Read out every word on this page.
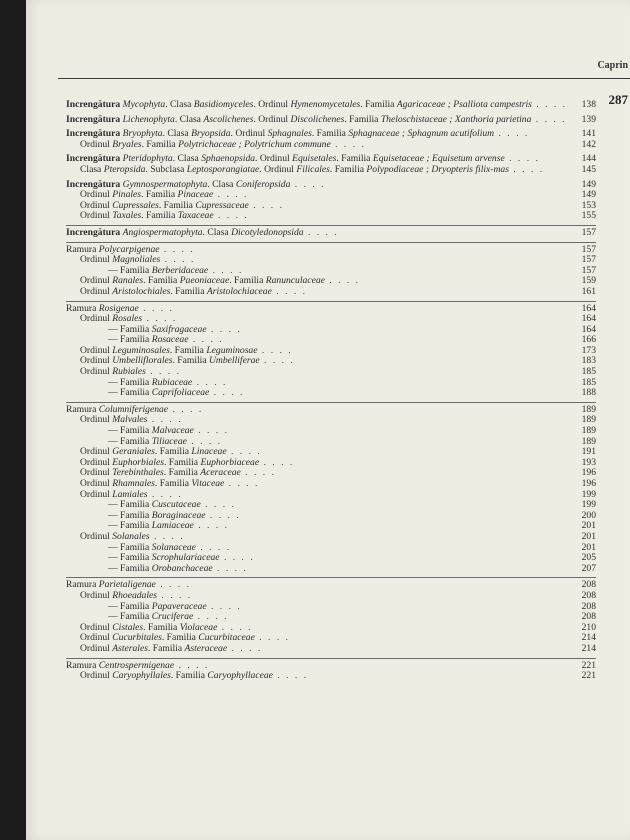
Caprin
287
Increngătura Mycophyta. Clasa Basidiomyceles. Ordinul Hymenomycetales. Familia Agaricaceae ; Psalliota campestris . . . .	138
Increngătura Lichenophyta. Clasa Ascolichenes. Ordinul Discolichenes. Familia Theloschistaceae ; Xanthoria parietina . . . .	139
Increngătura Bryophyta. Clasa Bryopsida. Ordinul Sphagnales. Familia Sphagnaceae ; Sphagnum acutifolium . . . .	141
Ordinul Bryales. Familia Polytrichaceae ; Polytrichum commune . . . .	142
Increngătura Pteridophyta. Clasa Sphaenopsida. Ordinul Equisetales. Familia Equisetaceae ; Equisetum arvense . . . .	144
Clasa Pteropsida. Subclasa Leptosporangiatae. Ordinul Filicales. Familia Polypodiaceae ; Dryopteris filix-mas . . . .	145
Increngătura Gymnospermatophyta. Clasa Coniferopsida . . . .	149
Ordinul Pinales. Familia Pinaceae . . . .	149
Ordinul Cupressales. Familia Cupressaceae . . . .	153
Ordinul Taxales. Familia Taxaceae . . . .	155
Increngătura Angiospermatophyta. Clasa Dicotyledonopsida . . . .	157
Ramura Polycarpigenae . . . .	157
Ordinul Magnoliales . . . .	157
— Familia Berberidaceae . . . .	157
Ordinul Ranales. Familia Paeoniaceae. Familia Ranunculaceae . . . .	159
Ordinul Aristolochiales. Familia Aristolochiaceae . . . .	161
Ramura Rosigenae . . . .	164
Ordinul Rosales . . . .	164
— Familia Saxifragaceae . . . .	164
— Familia Rosaceae . . . .	166
Ordinul Leguminosales. Familia Leguminosae . . . .	173
Ordinul Umbelliflorales. Familia Umbelliferae . . . .	183
Ordinul Rubiales . . . .	185
— Familia Rubiaceae . . . .	185
— Familia Caprifoliaceae . . . .	188
Ramura Columniferigenae . . . .	189
Ordinul Malvales . . . .	189
— Familia Malvaceae . . . .	189
— Familia Tiliaceae . . . .	189
Ordinul Geraniales. Familia Linaceae . . . .	191
Ordinul Euphorbiales. Familia Euphorbiaceae . . . .	193
Ordinul Terebinthales. Familia Aceraceae . . . .	196
Ordinul Rhamnales. Familia Vitaceae . . . .	196
Ordinul Lamiales . . . .	199
— Familia Cuscutaceae . . . .	199
— Familia Boraginaceae . . . .	200
— Familia Lamiaceae . . . .	201
Ordinul Solanales . . . .	201
— Familia Solanaceae . . . .	201
— Familia Scrophulariaceae . . . .	205
— Familia Orobanchaceae . . . .	207
Ramura Parietaligenae . . . .	208
Ordinul Rhoeadales . . . .	208
— Familia Papaveraceae . . . .	208
— Familia Cruciferae . . . .	208
Ordinul Cistales. Familia Violaceae . . . .	210
Ordinul Cucurbitales. Familia Cucurbitaceae . . . .	214
Ordinul Asterales. Familia Asteraceae . . . .	214
Ramura Centrospermigenae . . . .	221
Ordinul Caryophyllales. Familia Caryophyllaceae . . . .	221
